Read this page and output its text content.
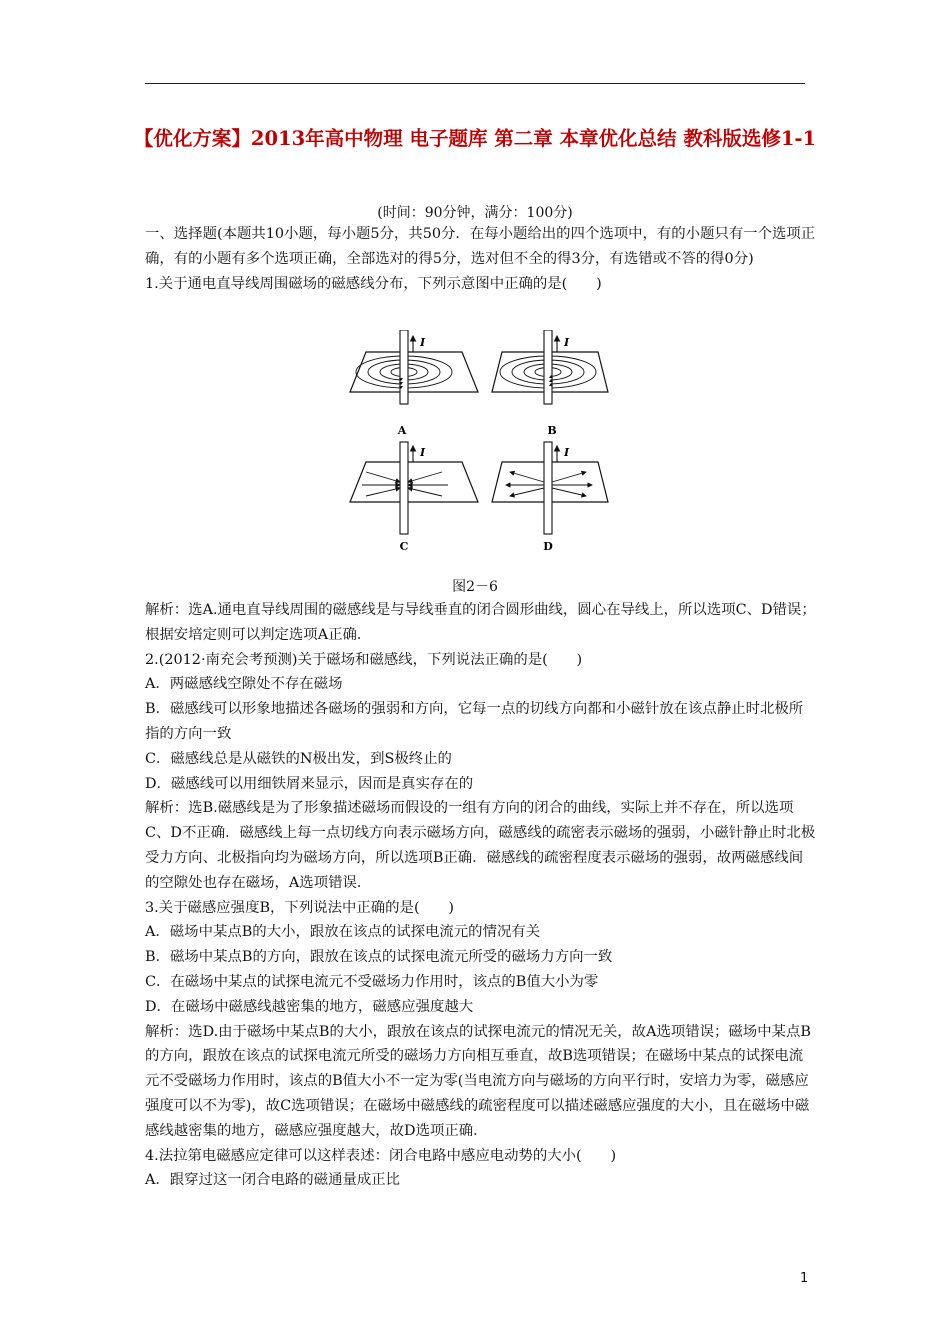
【优化方案】2013年高中物理 电子题库 第二章 本章优化总结 教科版选修1-1
(时间：90分钟，满分：100分)

一、选择题(本题共10小题，每小题5分，共50分．在每小题给出的四个选项中，有的小题只有一个选项正确，有的小题有多个选项正确，全部选对的得5分，选对但不全的得3分，有选错或不答的得0分)

1.关于通电直导线周围磁场的磁感线分布，下列示意图中正确的是(　　)

I
A
I
B
I
C
I
D
图2－6

解析：选A.通电直导线周围的磁感线是与导线垂直的闭合圆形曲线，圆心在导线上，所以选项C、D错误；根据安培定则可以判定选项A正确．

2.(2012·南充会考预测)关于磁场和磁感线，下列说法正确的是(　　)

A．两磁感线空隙处不存在磁场

B．磁感线可以形象地描述各磁场的强弱和方向，它每一点的切线方向都和小磁针放在该点静止时北极所指的方向一致

C．磁感线总是从磁铁的N极出发，到S极终止的

D．磁感线可以用细铁屑来显示，因而是真实存在的

解析：选B.磁感线是为了形象描述磁场而假设的一组有方向的闭合的曲线，实际上并不存在，所以选项C、D不正确．磁感线上每一点切线方向表示磁场方向，磁感线的疏密表示磁场的强弱，小磁针静止时北极受力方向、北极指向均为磁场方向，所以选项B正确．磁感线的疏密程度表示磁场的强弱，故两磁感线间的空隙处也存在磁场，A选项错误．

3.关于磁感应强度B，下列说法中正确的是(　　)

A．磁场中某点B的大小，跟放在该点的试探电流元的情况有关

B．磁场中某点B的方向，跟放在该点的试探电流元所受的磁场力方向一致

C．在磁场中某点的试探电流元不受磁场力作用时，该点的B值大小为零

D．在磁场中磁感线越密集的地方，磁感应强度越大

解析：选D.由于磁场中某点B的大小，跟放在该点的试探电流元的情况无关，故A选项错误；磁场中某点B的方向，跟放在该点的试探电流元所受的磁场力方向相互垂直，故B选项错误；在磁场中某点的试探电流元不受磁场力作用时，该点的B值大小不一定为零(当电流方向与磁场的方向平行时，安培力为零，磁感应强度可以不为零)，故C选项错误；在磁场中磁感线的疏密程度可以描述磁感应强度的大小，且在磁场中磁感线越密集的地方，磁感应强度越大，故D选项正确．

4.法拉第电磁感应定律可以这样表述：闭合电路中感应电动势的大小(　　)

A．跟穿过这一闭合电路的磁通量成正比

1
